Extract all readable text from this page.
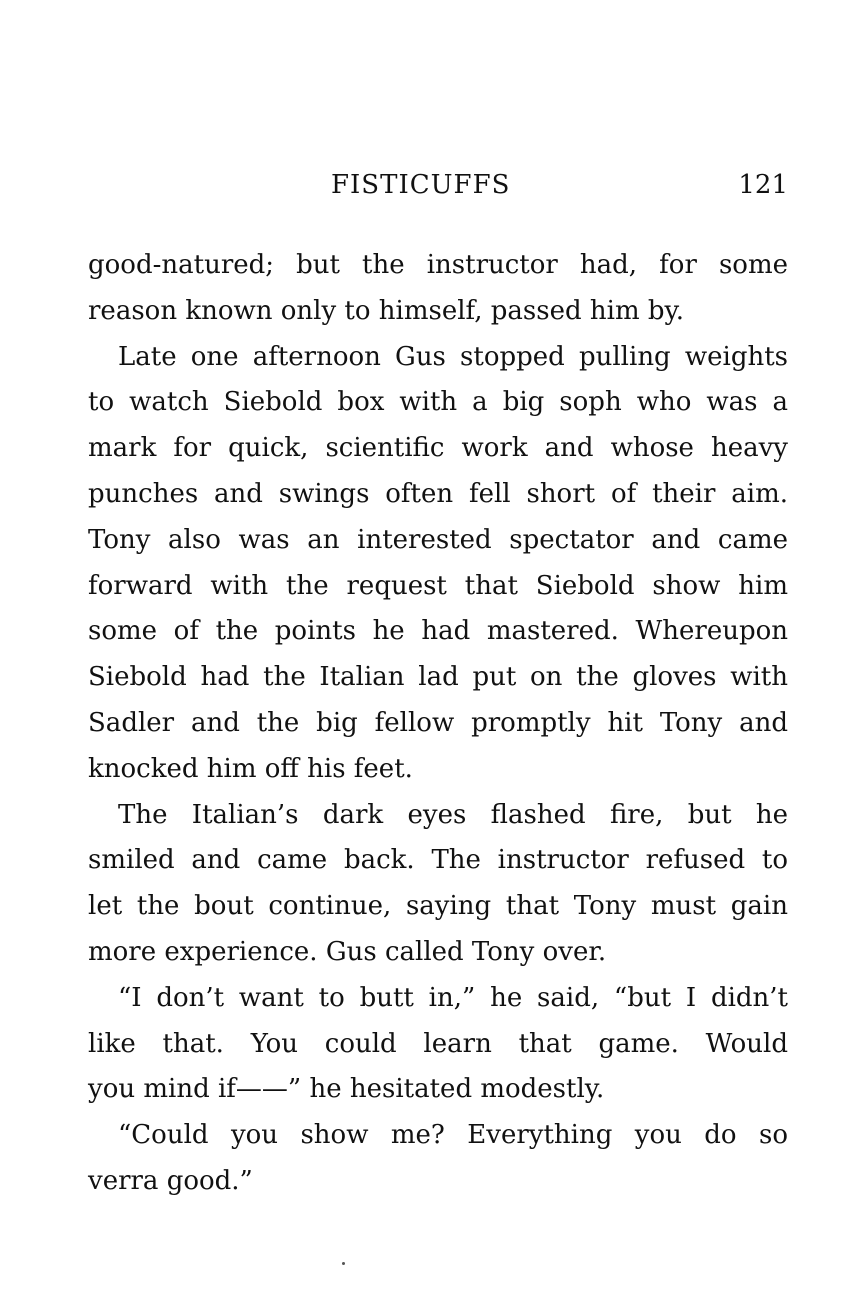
FISTICUFFS	121
good-natured; but the instructor had, for some
reason known only to himself, passed him by.
Late one afternoon Gus stopped pulling weights
to watch Siebold box with a big soph who was a
mark for quick, scientific work and whose heavy
punches and swings often fell short of their aim.
Tony also was an interested spectator and came
forward with the request that Siebold show him
some of the points he had mastered. Whereupon
Siebold had the Italian lad put on the gloves with
Sadler and the big fellow promptly hit Tony and
knocked him off his feet.
The Italian’s dark eyes flashed fire, but he
smiled and came back. The instructor refused to
let the bout continue, saying that Tony must gain
more experience. Gus called Tony over.
“I don’t want to butt in,” he said, “but I didn’t
like that. You could learn that game. Would
you mind if——” he hesitated modestly.
“Could you show me? Everything you do so
verra good.”
